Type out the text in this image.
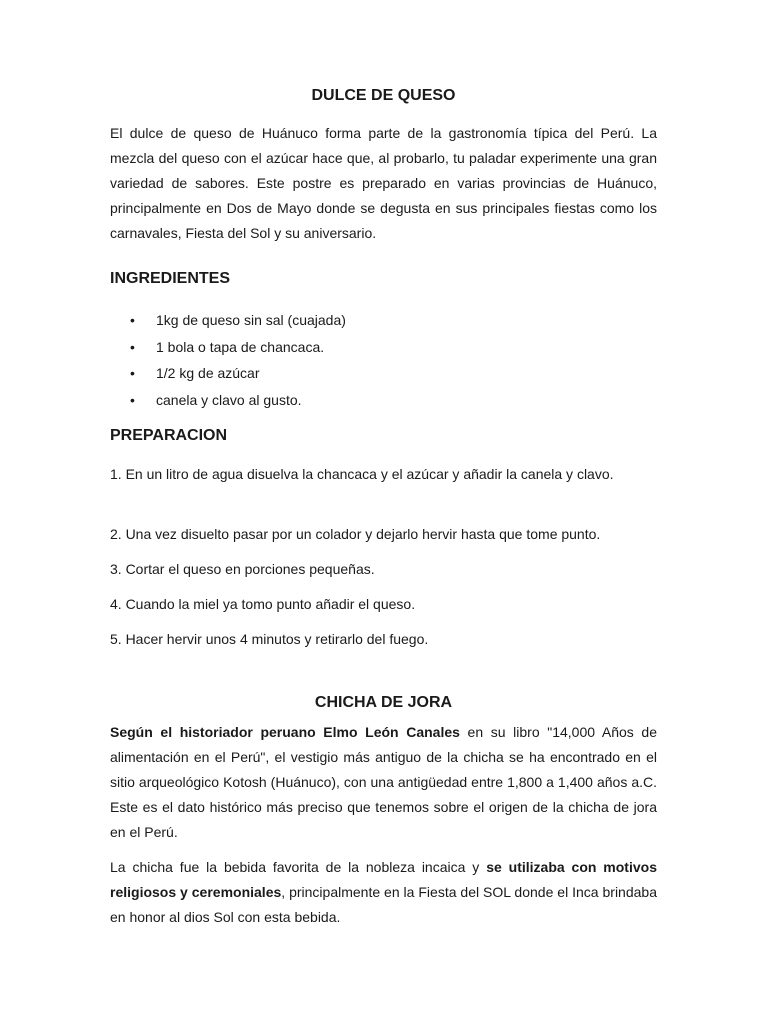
DULCE DE QUESO

El dulce de queso de Huánuco forma parte de la gastronomía típica del Perú. La mezcla del queso con el azúcar hace que, al probarlo, tu paladar experimente una gran variedad de sabores. Este postre es preparado en varias provincias de Huánuco, principalmente en Dos de Mayo donde se degusta en sus principales fiestas como los carnavales, Fiesta del Sol y su aniversario.

INGREDIENTES
• 1kg de queso sin sal (cuajada)
• 1 bola o tapa de chancaca.
• 1/2 kg de azúcar
• canela y clavo al gusto.
PREPARACION

1. En un litro de agua disuelva la chancaca y el azúcar y añadir la canela y clavo.

2. Una vez disuelto pasar por un colador y dejarlo hervir hasta que tome punto.

3. Cortar el queso en porciones pequeñas.

4. Cuando la miel ya tomo punto añadir el queso.

5. Hacer hervir unos 4 minutos y retirarlo del fuego.

CHICHA DE JORA

Según el historiador peruano Elmo León Canales en su libro "14,000 Años de alimentación en el Perú", el vestigio más antiguo de la chicha se ha encontrado en el sitio arqueológico Kotosh (Huánuco), con una antigüedad entre 1,800 a 1,400 años a.C. Este es el dato histórico más preciso que tenemos sobre el origen de la chicha de jora en el Perú.

La chicha fue la bebida favorita de la nobleza incaica y se utilizaba con motivos religiosos y ceremoniales, principalmente en la Fiesta del SOL donde el Inca brindaba en honor al dios Sol con esta bebida.
